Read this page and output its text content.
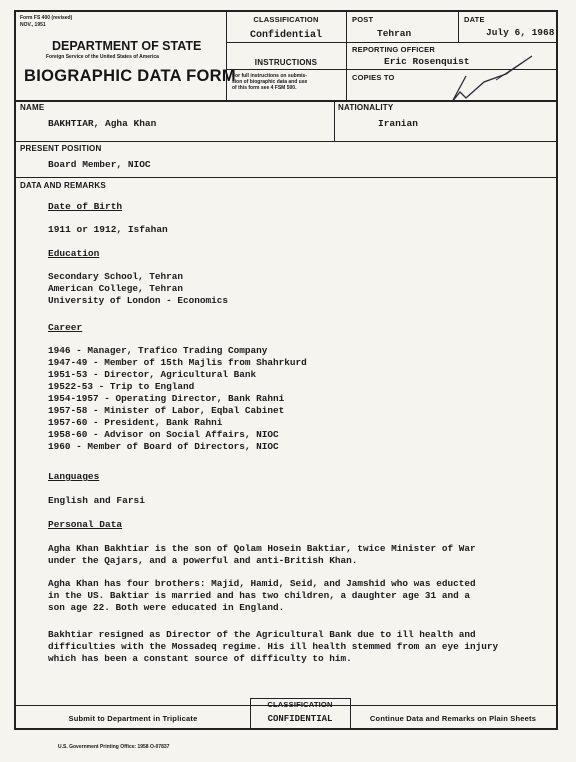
Form FS 400 (revised)
NOV., 1951
DEPARTMENT OF STATE
Foreign Service of the United States of America
BIOGRAPHIC DATA FORM
CLASSIFICATION
Confidential
INSTRUCTIONS
For full instructions on submis-
sion of biographic data and use
of this form see 4 FSM 500.
POST
Tehran
DATE
July 6, 1968
REPORTING OFFICER
Eric Rosenquist
COPIES TO
NAME
BAKHTIAR, Agha Khan
NATIONALITY
Iranian
PRESENT POSITION
Board Member, NIOC
DATA AND REMARKS
Date of Birth
1911 or 1912, Isfahan
Education
Secondary School, Tehran
American College, Tehran
University of London - Economics
Career
1946 - Manager, Trafico Trading Company
1947-49 - Member of 15th Majlis from Shahrkurd
1951-53 - Director, Agricultural Bank
19522-53 - Trip to England
1954-1957 - Operating Director, Bank Rahni
1957-58 - Minister of Labor, Eqbal Cabinet
1957-60 - President, Bank Rahni
1958-60 - Advisor on Social Affairs, NIOC
1960 - Member of Board of Directors, NIOC
Languages
English and Farsi
Personal Data
Agha Khan Bakhtiar is the son of Qolam Hosein Baktiar, twice Minister of War
under the Qajars, and a powerful and anti-British Khan.
Agha Khan has four brothers: Majid, Hamid, Seid, and Jamshid who was educted
in the US. Baktiar is married and has two children, a daughter age 31 and a
son age 22. Both were educated in England.
Bakhtiar resigned as Director of the Agricultural Bank due to ill health and
difficulties with the Mossadeq regime. His ill health stemmed from an eye injury
which has been a constant source of difficulty to him.
CLASSIFICATION
CONFIDENTIAL
Submit to Department in Triplicate	Continue Data and Remarks on Plain Sheets
U.S. Government Printing Office: 1958 O-07837
